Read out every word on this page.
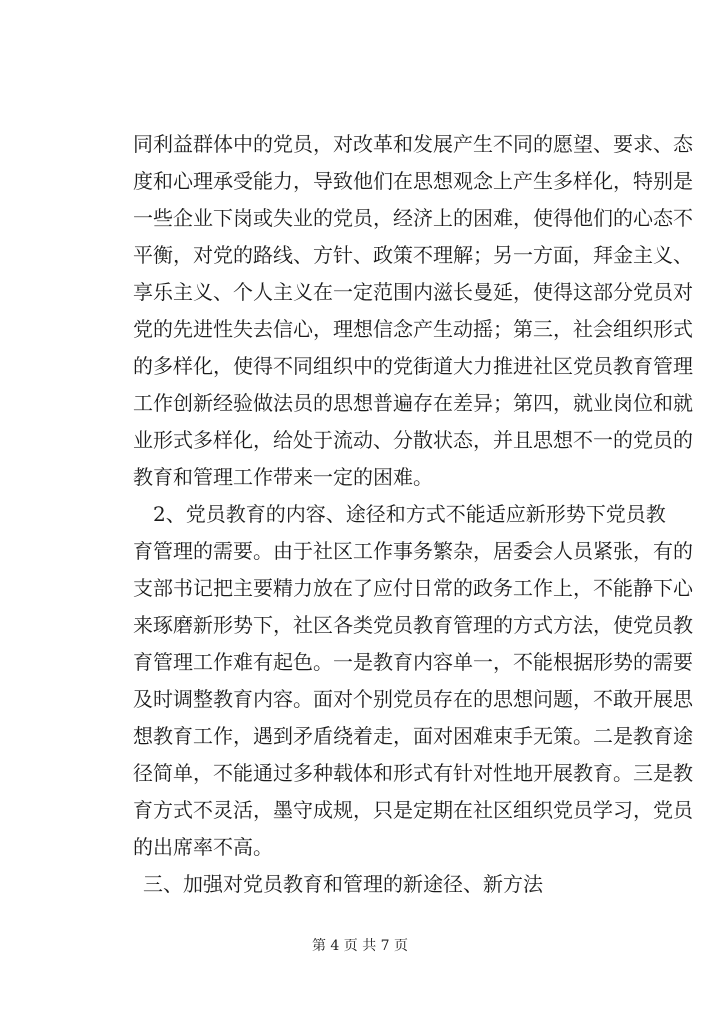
同利益群体中的党员，对改革和发展产生不同的愿望、要求、态
度和心理承受能力，导致他们在思想观念上产生多样化，特别是
一些企业下岗或失业的党员，经济上的困难，使得他们的心态不
平衡，对党的路线、方针、政策不理解；另一方面，拜金主义、
享乐主义、个人主义在一定范围内滋长曼延，使得这部分党员对
党的先进性失去信心，理想信念产生动摇；第三，社会组织形式
的多样化，使得不同组织中的党街道大力推进社区党员教育管理
工作创新经验做法员的思想普遍存在差异；第四，就业岗位和就
业形式多样化，给处于流动、分散状态，并且思想不一的党员的
教育和管理工作带来一定的困难。
　2、党员教育的内容、途径和方式不能适应新形势下党员教
育管理的需要。由于社区工作事务繁杂，居委会人员紧张，有的
支部书记把主要精力放在了应付日常的政务工作上，不能静下心
来琢磨新形势下，社区各类党员教育管理的方式方法，使党员教
育管理工作难有起色。一是教育内容单一，不能根据形势的需要
及时调整教育内容。面对个别党员存在的思想问题，不敢开展思
想教育工作，遇到矛盾绕着走，面对困难束手无策。二是教育途
径简单，不能通过多种载体和形式有针对性地开展教育。三是教
育方式不灵活，墨守成规，只是定期在社区组织党员学习，党员
的出席率不高。
三、加强对党员教育和管理的新途径、新方法
第 4 页 共 7 页
